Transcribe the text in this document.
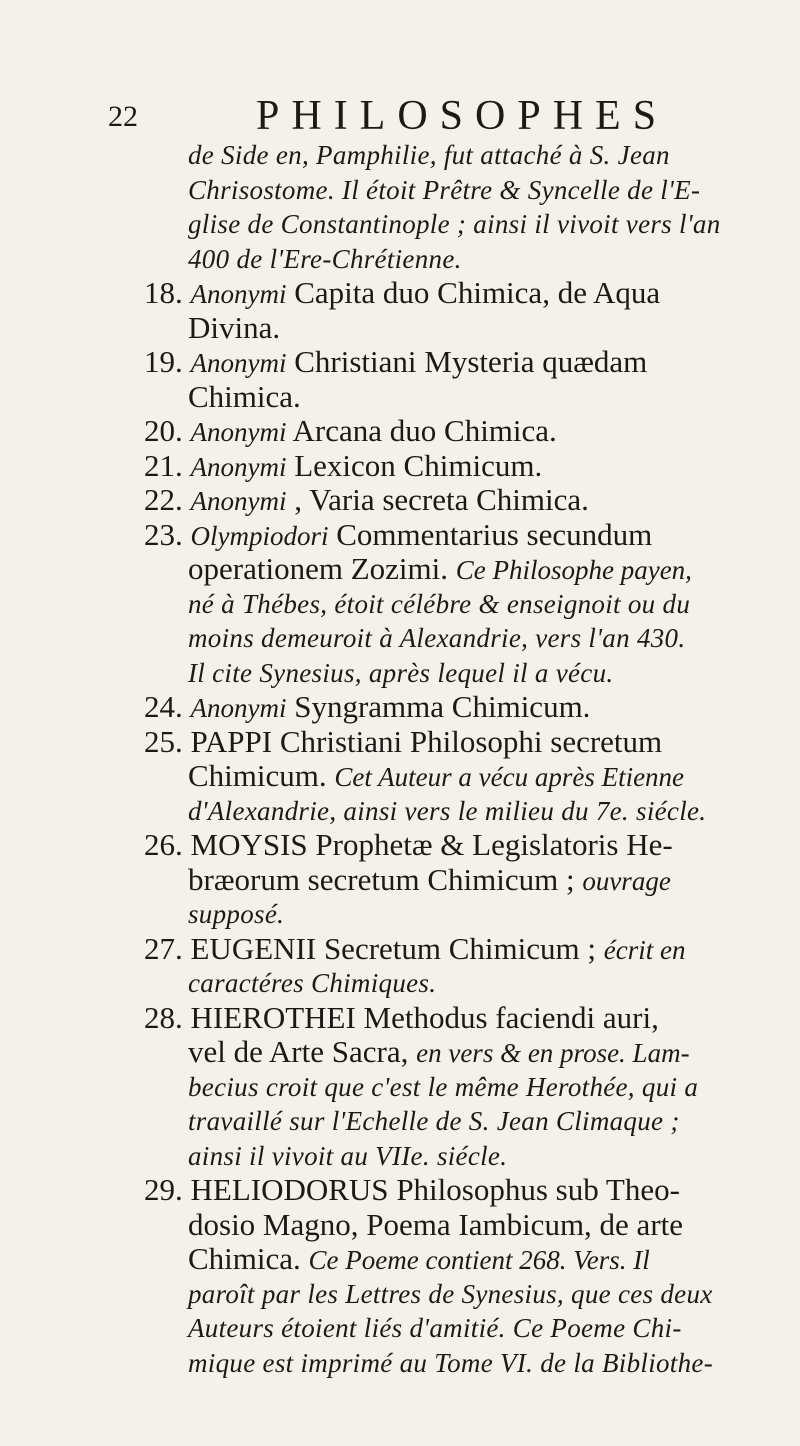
22	PHILOSOPHES
de Side en, Pamphilie, fut attaché à S. Jean
Chrisostome. Il étoit Prêtre & Syncelle de l'E-
glise de Constantinople ; ainsi il vivoit vers l'an
400 de l'Ere-Chrétienne.
18. Anonymi Capita duo Chimica, de Aqua
Divina.
19. Anonymi Christiani Mysteria quædam
Chimica.
20. Anonymi Arcana duo Chimica.
21. Anonymi Lexicon Chimicum.
22. Anonymi , Varia secreta Chimica.
23. Olympiodori Commentarius secundum
operationem Zozimi. Ce Philosophe payen,
né à Thébes, étoit célébre & enseignoit ou du
moins demeuroit à Alexandrie, vers l'an 430.
Il cite Synesius, après lequel il a vécu.
24. Anonymi Syngramma Chimicum.
25. PAPPI Christiani Philosophi secretum
Chimicum. Cet Auteur a vécu après Etienne
d'Alexandrie, ainsi vers le milieu du 7e. siécle.
26. MOYSIS Prophetæ & Legislatoris He-
bræorum secretum Chimicum ; ouvrage
supposé.
27. EUGENII Secretum Chimicum ; écrit en
caractéres Chimiques.
28. HIEROTHEI Methodus faciendi auri,
vel de Arte Sacra, en vers & en prose. Lam-
becius croit que c'est le même Herothée, qui a
travaillé sur l'Echelle de S. Jean Climaque ;
ainsi il vivoit au VIIe. siécle.
29. HELIODORUS Philosophus sub Theo-
dosio Magno, Poema Iambicum, de arte
Chimica. Ce Poeme contient 268. Vers. Il
paroît par les Lettres de Synesius, que ces deux
Auteurs étoient liés d'amitié. Ce Poeme Chi-
mique est imprimé au Tome VI. de la Bibliothe-
